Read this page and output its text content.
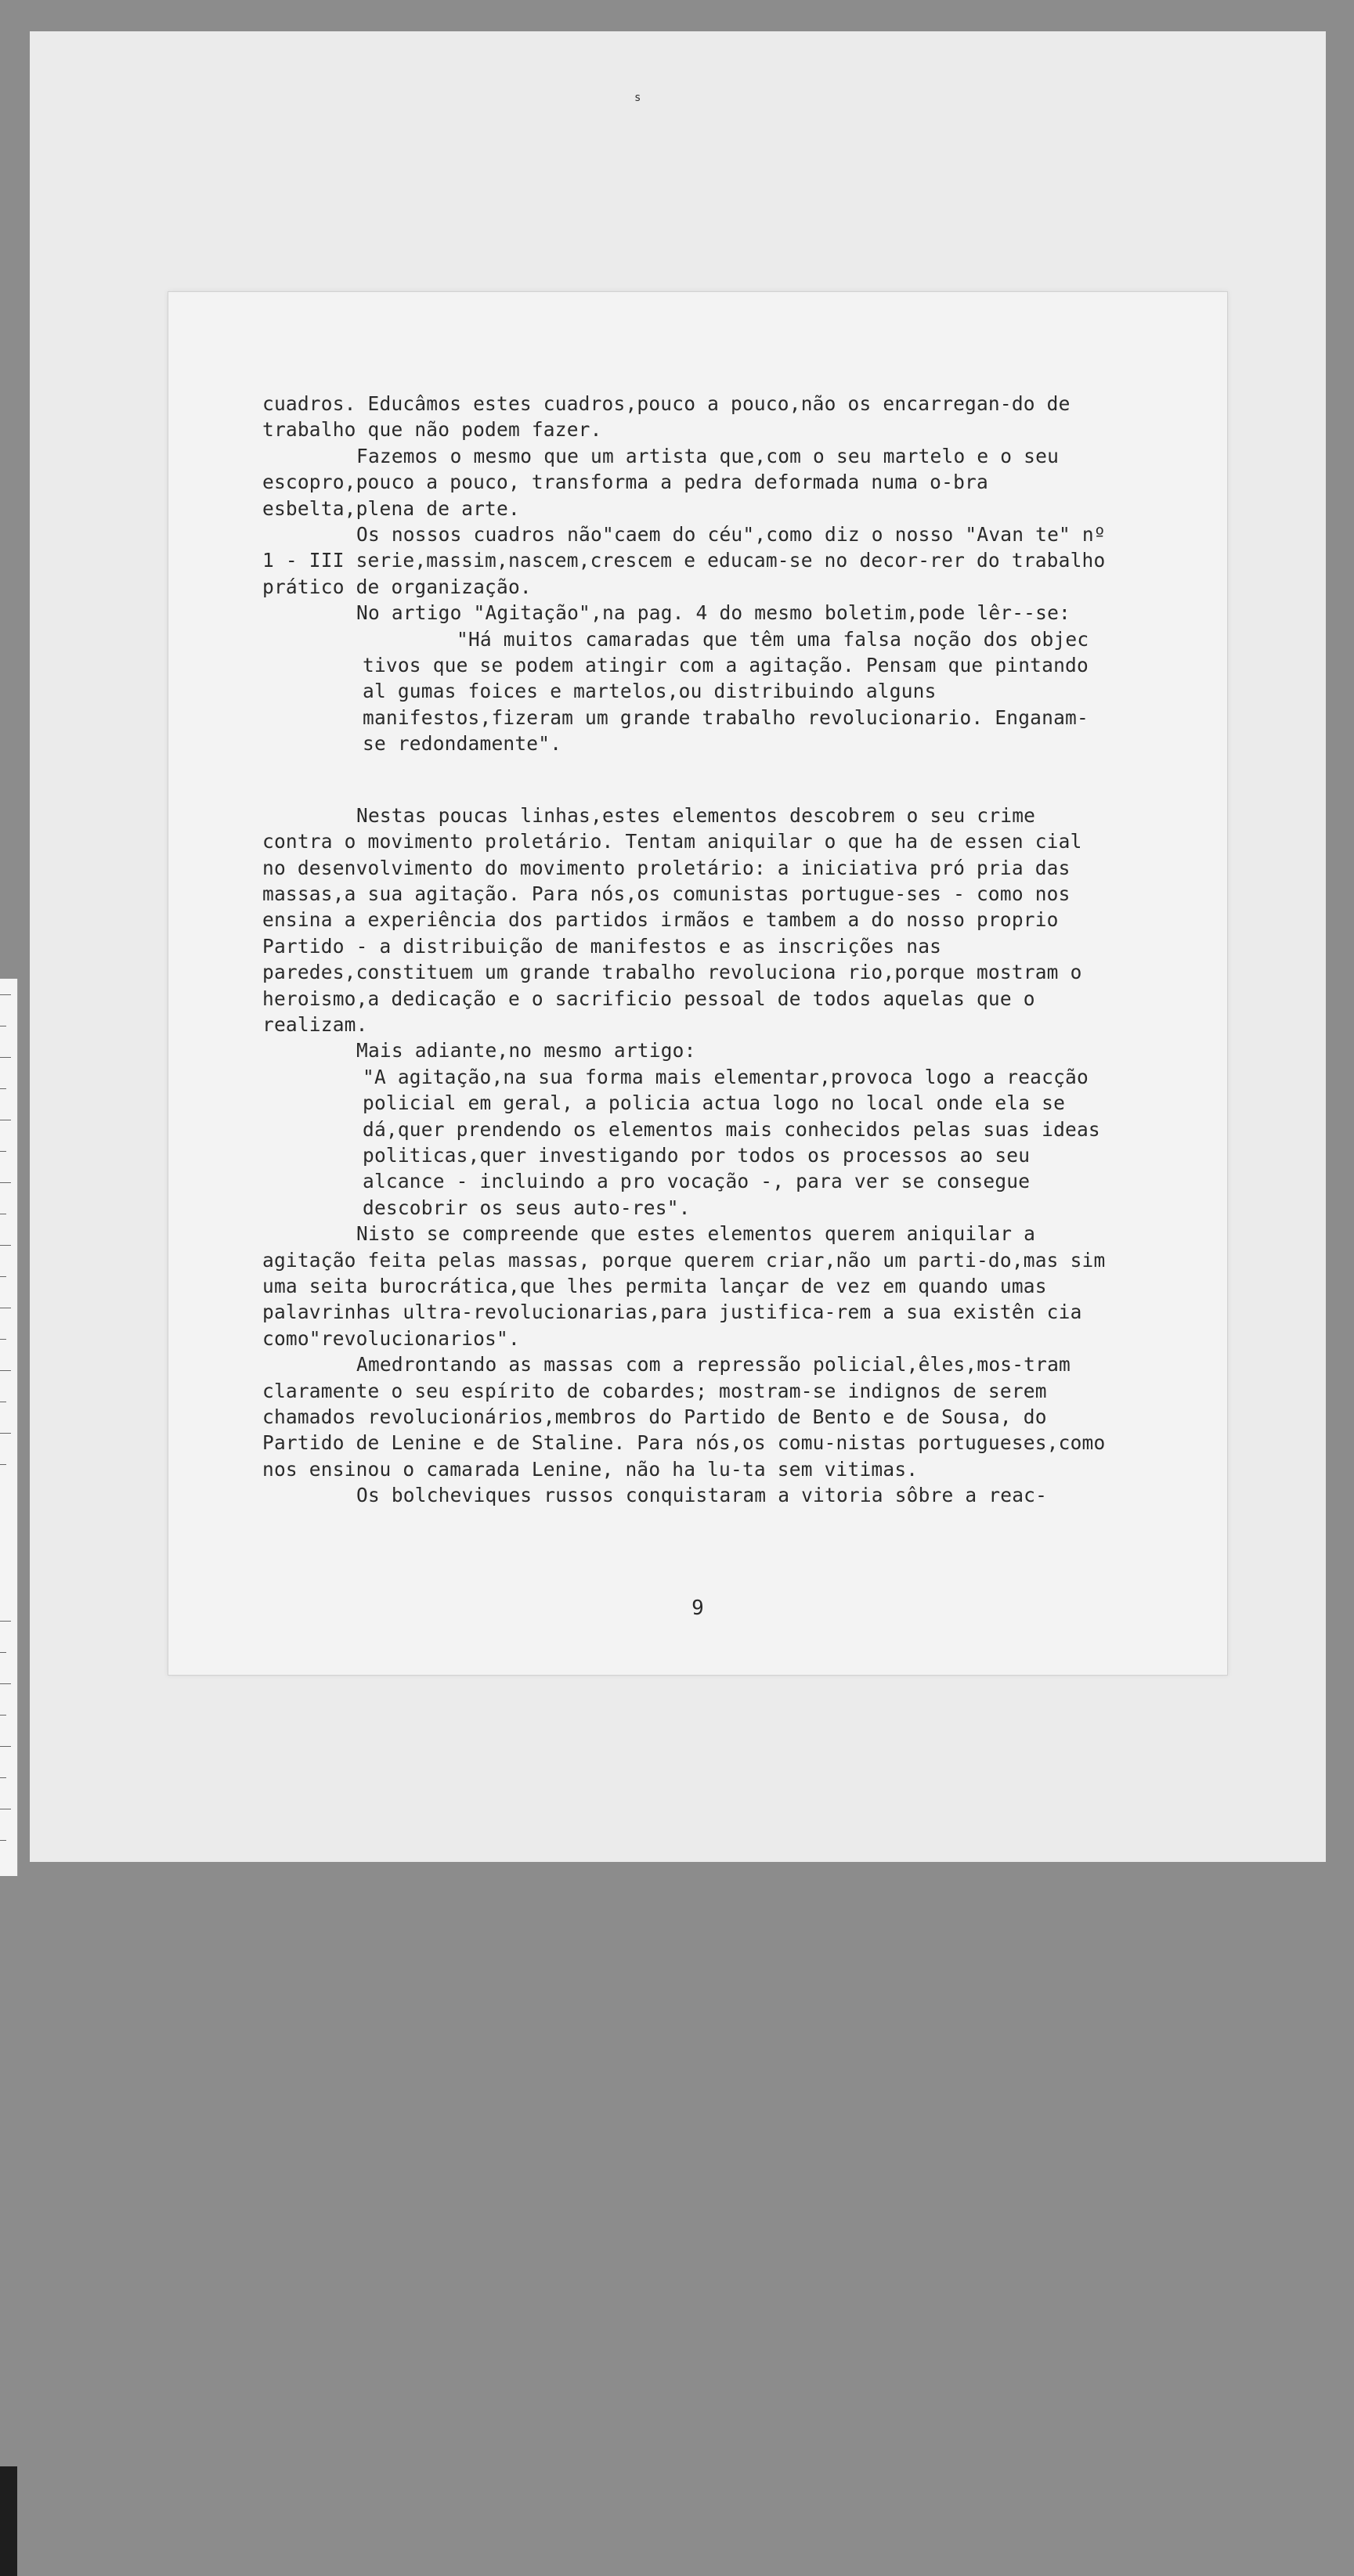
s

cuadros. Educâmos estes cuadros,pouco a pouco,não os encarregan-do de trabalho que não podem fazer.

Fazemos o mesmo que um artista que,com o seu martelo e o seu escopro,pouco a pouco, transforma a pedra deformada numa o-bra esbelta,plena de arte.

Os nossos cuadros não"caem do céu",como diz o nosso "Avan te" nº 1 - III serie,massim,nascem,crescem e educam-se no decor-rer do trabalho prático de organização.

No artigo "Agitação",na pag. 4 do mesmo boletim,pode lêr--se:

"Há muitos camaradas que têm uma falsa noção dos objec tivos que se podem atingir com a agitação. Pensam que pintando al gumas foices e martelos,ou distribuindo alguns manifestos,fizeram um grande trabalho revolucionario. Enganam-se redondamente".

Nestas poucas linhas,estes elementos descobrem o seu crime contra o movimento proletário. Tentam aniquilar o que ha de essen cial no desenvolvimento do movimento proletário: a iniciativa pró pria das massas,a sua agitação. Para nós,os comunistas portugue-ses - como nos ensina a experiência dos partidos irmãos e tambem a do nosso proprio Partido - a distribuição de manifestos e as inscrições nas paredes,constituem um grande trabalho revoluciona rio,porque mostram o heroismo,a dedicação e o sacrificio pessoal de todos aquelas que o realizam.

Mais adiante,no mesmo artigo:

"A agitação,na sua forma mais elementar,provoca logo a reacção policial em geral, a policia actua logo no local onde ela se dá,quer prendendo os elementos mais conhecidos pelas suas ideas politicas,quer investigando por todos os processos ao seu alcance - incluindo a pro vocação -, para ver se consegue descobrir os seus auto-res".

Nisto se compreende que estes elementos querem aniquilar a agitação feita pelas massas, porque querem criar,não um parti-do,mas sim uma seita burocrática,que lhes permita lançar de vez em quando umas palavrinhas ultra-revolucionarias,para justifica-rem a sua existên cia como"revolucionarios".

Amedrontando as massas com a repressão policial,êles,mos-tram claramente o seu espírito de cobardes; mostram-se indignos de serem chamados revolucionários,membros do Partido de Bento e de Sousa, do Partido de Lenine e de Staline. Para nós,os comu-nistas portugueses,como nos ensinou o camarada Lenine, não ha lu-ta sem vitimas.

Os bolcheviques russos conquistaram a vitoria sôbre a reac-

9
